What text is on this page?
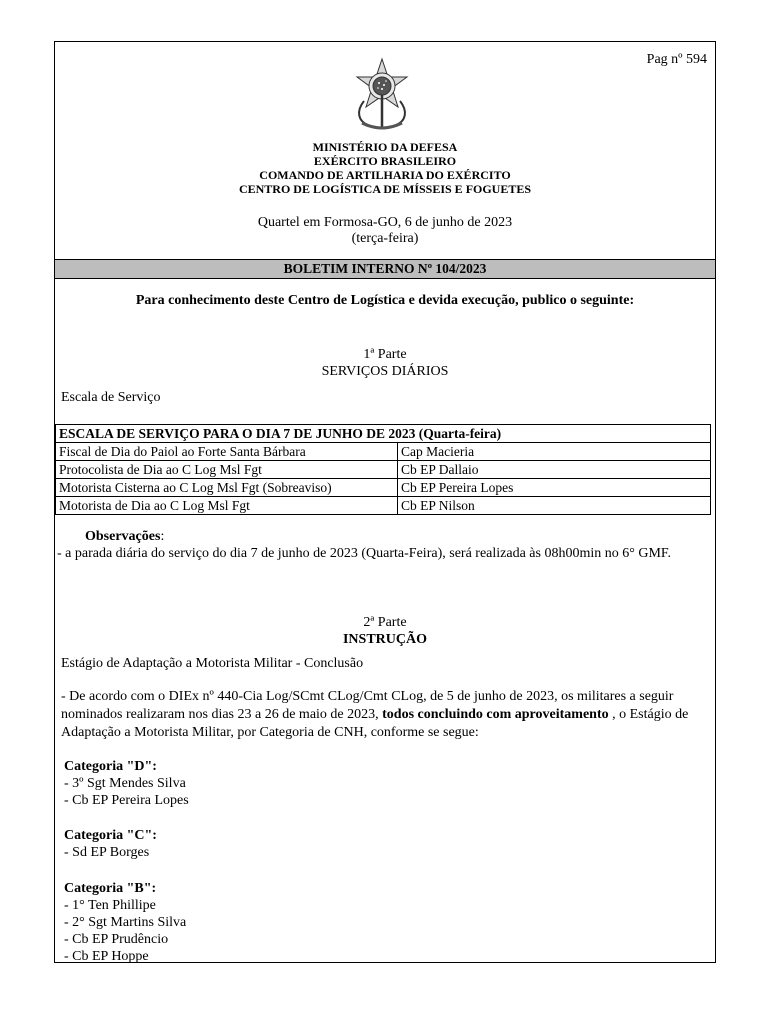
Pag nº 594
MINISTÉRIO DA DEFESA
EXÉRCITO BRASILEIRO
COMANDO DE ARTILHARIA DO EXÉRCITO
CENTRO DE LOGÍSTICA DE MÍSSEIS E FOGUETES
Quartel em Formosa-GO, 6 de junho de 2023
(terça-feira)
BOLETIM INTERNO Nº 104/2023
Para conhecimento deste Centro de Logística e devida execução, publico o seguinte:
1ª Parte
SERVIÇOS DIÁRIOS
Escala de Serviço
ESCALA DE SERVIÇO PARA O DIA 7 DE JUNHO DE 2023 (Quarta-feira)	
Fiscal de Dia do Paiol ao Forte Santa Bárbara	Cap Macieria
Protocolista de Dia ao C Log Msl Fgt	Cb EP Dallaio
Motorista Cisterna ao C Log Msl Fgt (Sobreaviso)	Cb EP Pereira Lopes
Motorista de Dia ao C Log Msl Fgt	Cb EP Nilson
Observações:
- a parada diária do serviço do dia 7 de junho de 2023 (Quarta-Feira), será realizada às 08h00min no 6° GMF.
2ª Parte
INSTRUÇÃO
Estágio de Adaptação a Motorista Militar - Conclusão
- De acordo com o DIEx nº 440-Cia Log/SCmt CLog/Cmt CLog, de 5 de junho de 2023, os militares a seguir nominados realizaram nos dias 23 a 26 de maio de 2023, todos concluindo com aproveitamento , o Estágio de Adaptação a Motorista Militar, por Categoria de CNH, conforme se segue:
Categoria "D":
- 3º Sgt Mendes Silva
- Cb EP Pereira Lopes
Categoria "C":
- Sd EP Borges
Categoria "B":
- 1° Ten Phillipe
- 2° Sgt Martins Silva
- Cb EP Prudêncio
- Cb EP Hoppe
